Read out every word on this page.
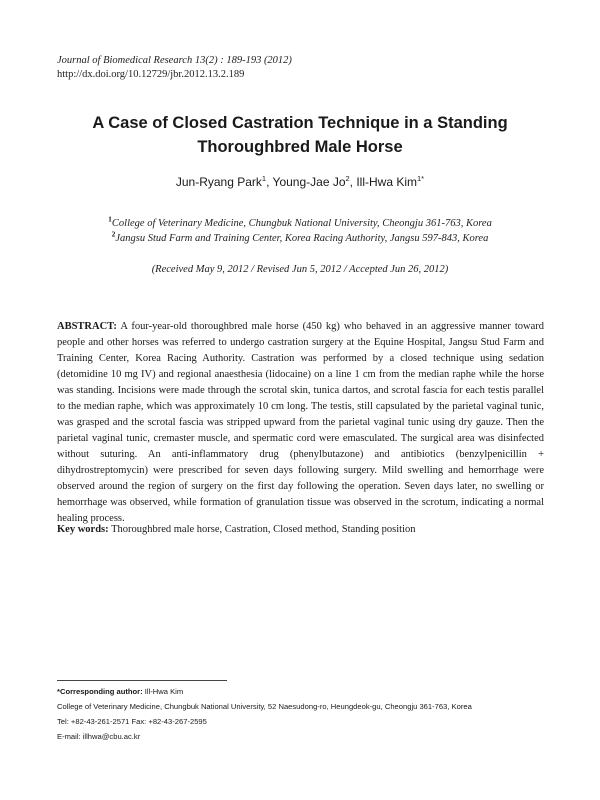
Journal of Biomedical Research 13(2) : 189-193 (2012)
http://dx.doi.org/10.12729/jbr.2012.13.2.189
A Case of Closed Castration Technique in a Standing
Thoroughbred Male Horse
Jun-Ryang Park$^1$, Young-Jae Jo$^2$, Ill-Hwa Kim$^{1*}$
$^1$College of Veterinary Medicine, Chungbuk National University, Cheongju 361-763, Korea
$^2$Jangsu Stud Farm and Training Center, Korea Racing Authority, Jangsu 597-843, Korea
(Received May 9, 2012 / Revised Jun 5, 2012 / Accepted Jun 26, 2012)
ABSTRACT: A four-year-old thoroughbred male horse (450 kg) who behaved in an aggressive manner toward people and other horses was referred to undergo castration surgery at the Equine Hospital, Jangsu Stud Farm and Training Center, Korea Racing Authority. Castration was performed by a closed technique using sedation (detomidine 10 mg IV) and regional anaesthesia (lidocaine) on a line 1 cm from the median raphe while the horse was standing. Incisions were made through the scrotal skin, tunica dartos, and scrotal fascia for each testis parallel to the median raphe, which was approximately 10 cm long. The testis, still capsulated by the parietal vaginal tunic, was grasped and the scrotal fascia was stripped upward from the parietal vaginal tunic using dry gauze. Then the parietal vaginal tunic, cremaster muscle, and spermatic cord were emasculated. The surgical area was disinfected without suturing. An anti-inflammatory drug (phenylbutazone) and antibiotics (benzylpenicillin + dihydrostreptomycin) were prescribed for seven days following surgery. Mild swelling and hemorrhage were observed around the region of surgery on the first day following the operation. Seven days later, no swelling or hemorrhage was observed, while formation of granulation tissue was observed in the scrotum, indicating a normal healing process.
Key words: Thoroughbred male horse, Castration, Closed method, Standing position
*Corresponding author: Ill-Hwa Kim
College of Veterinary Medicine, Chungbuk National University, 52 Naesudong-ro, Heungdeok-gu, Cheongju 361-763, Korea
Tel: +82-43-261-2571 Fax: +82-43-267-2595
E-mail: illhwa@cbu.ac.kr
